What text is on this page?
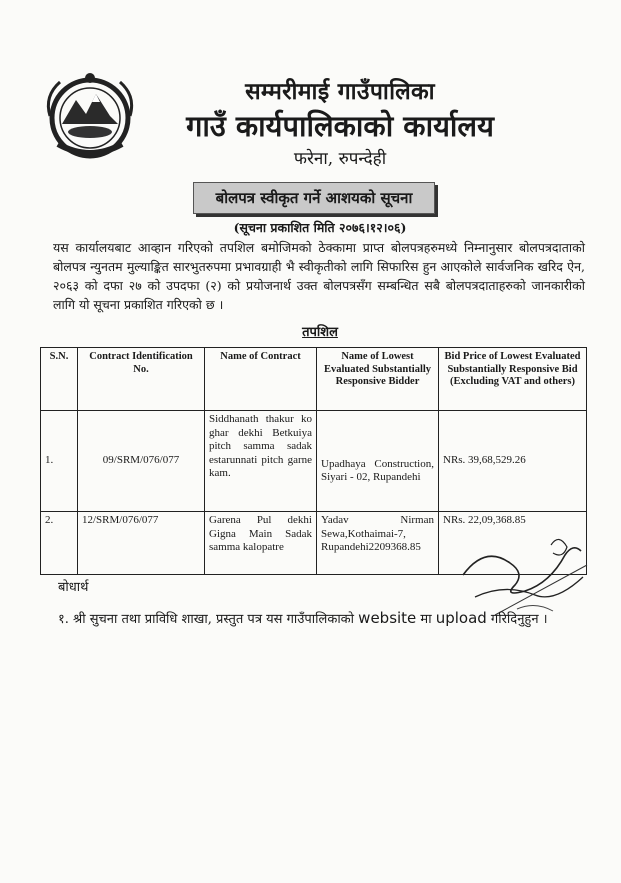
सम्मरीमाई गाउँपालिका
गाउँ कार्यपालिकाको कार्यालय
फरेना, रुपन्देही
बोलपत्र स्वीकृत गर्ने आशयको सूचना
(सूचना प्रकाशित मिति २०७६।१२।०६)
यस कार्यालयबाट आव्हान गरिएको तपशिल बमोजिमको ठेक्कामा प्राप्त बोलपत्रहरुमध्ये निम्नानुसार बोलपत्रदाताको बोलपत्र न्युनतम मुल्याङ्कित सारभुतरुपमा प्रभावग्राही भै स्वीकृतीको लागि सिफारिस हुन आएकोले सार्वजनिक खरिद ऐन, २०६३ को दफा २७ को उपदफा (२) को प्रयोजनार्थ उक्त बोलपत्रसँग सम्बन्धित सबै बोलपत्रदाताहरुको जानकारीको लागि यो सूचना प्रकाशित गरिएको छ ।
तपशिल
S.N.	Contract Identification No.	Name of Contract	Name of Lowest Evaluated Substantially Responsive Bidder	Bid Price of Lowest Evaluated Substantially Responsive Bid (Excluding VAT and others)
1.	09/SRM/076/077	Siddhanath thakur ko ghar dekhi Betkuiya pitch samma sadak estarunnati pitch garne kam.	Upadhaya Construction, Siyari - 02, Rupandehi	NRs. 39,68,529.26
2.	12/SRM/076/077	Garena Pul dekhi Gigna Main Sadak samma kalopatre	Yadav Nirman Sewa,Kothaimai-7, Rupandehi2209368.85	NRs. 22,09,368.85
बोधार्थ
१. श्री सुचना तथा प्राविधि शाखा, प्रस्तुत पत्र यस गाउँपालिकाको website मा upload गरिदिनुहुन ।
